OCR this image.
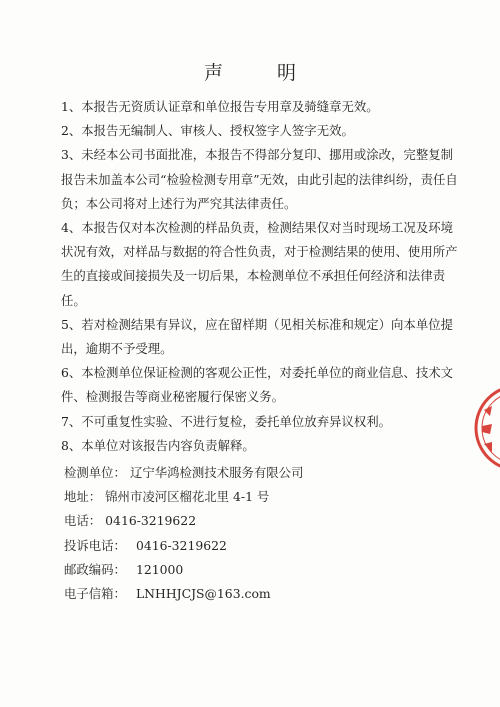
声 明

1、本报告无资质认证章和单位报告专用章及骑缝章无效。

2、本报告无编制人、审核人、授权签字人签字无效。

3、未经本公司书面批准，本报告不得部分复印、挪用或涂改，完整复制报告未加盖本公司“检验检测专用章”无效，由此引起的法律纠纷，责任自负；本公司将对上述行为严究其法律责任。

4、本报告仅对本次检测的样品负责，检测结果仅对当时现场工况及环境状况有效，对样品与数据的符合性负责，对于检测结果的使用、使用所产生的直接或间接损失及一切后果，本检测单位不承担任何经济和法律责任。

5、若对检测结果有异议，应在留样期（见相关标准和规定）向本单位提出，逾期不予受理。

6、本检测单位保证检测的客观公正性，对委托单位的商业信息、技术文件、检测报告等商业秘密履行保密义务。

7、不可重复性实验、不进行复检，委托单位放弃异议权利。

8、本单位对该报告内容负责解释。

检测单位： 辽宁华鸿检测技术服务有限公司
地址： 锦州市凌河区榴花北里 4-1 号
电话： 0416-3219622
投诉电话： 0416-3219622
邮政编码： 121000
电子信箱： LNHHJCJS@163.com
